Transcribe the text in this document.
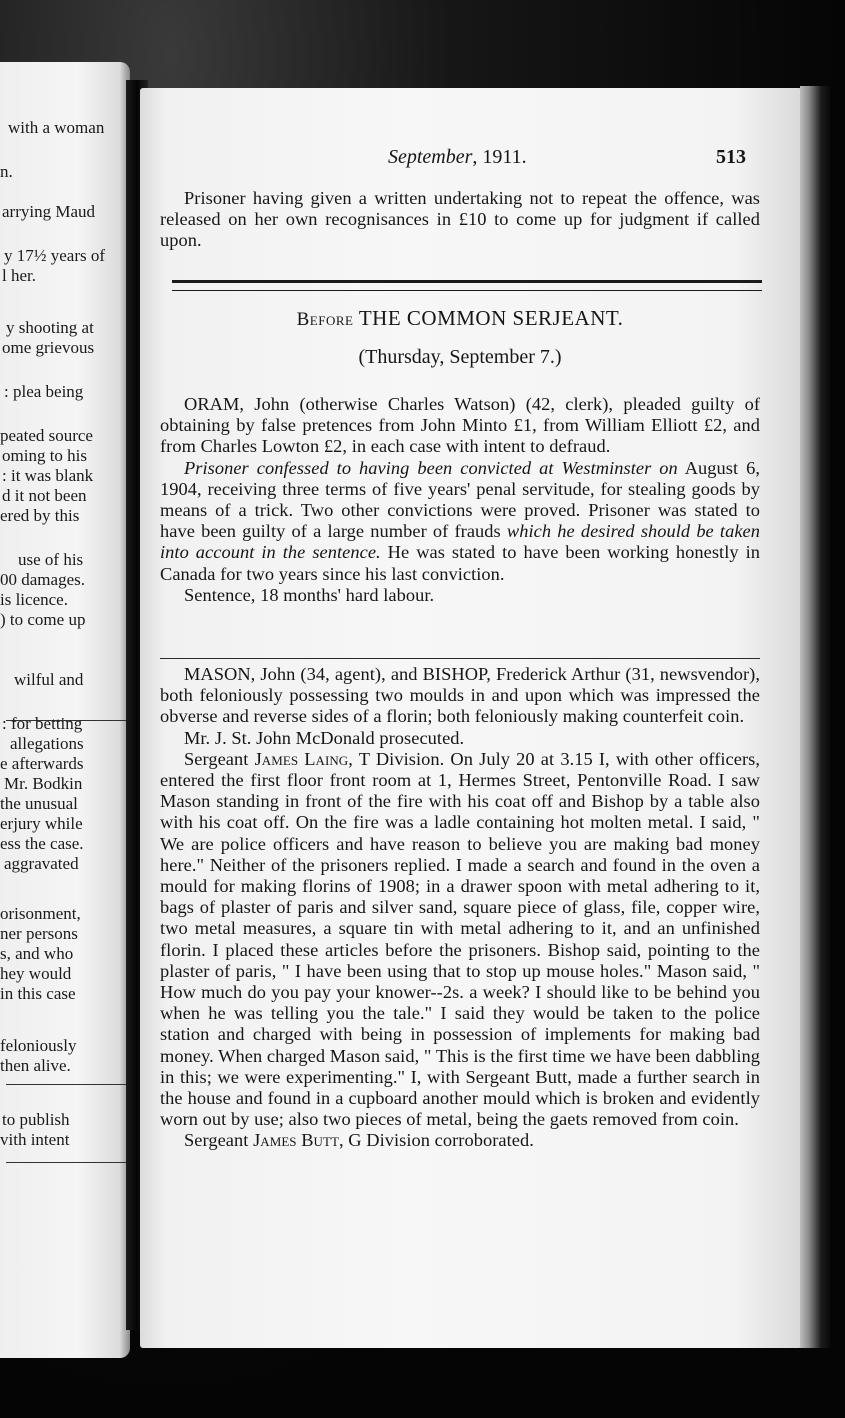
with a woman
n.
arrying Maud
y 17½ years of
l her.
y shooting at
ome grievous
: plea being
peated source
oming to his
: it was blank
d it not been
ered by this
use of his
00 damages.
is licence.
) to come up
wilful and
: for betting
allegations
e afterwards
Mr. Bodkin
the unusual
erjury while
ess the case.
aggravated
orisonment,
ner persons
s, and who
hey would
in this case
feloniously
then alive.
to publish
vith intent
September, 1911.	513

Prisoner having given a written undertaking not to repeat the offence, was released on her own recognisances in £10 to come up for judgment if called upon.

Before THE COMMON SERJEANT.
(Thursday, September 7.)

ORAM, John (otherwise Charles Watson) (42, clerk), pleaded guilty of obtaining by false pretences from John Minto £1, from William Elliott £2, and from Charles Lowton £2, in each case with intent to defraud.

Prisoner confessed to having been convicted at Westminster on August 6, 1904, receiving three terms of five years' penal servitude, for stealing goods by means of a trick. Two other convictions were proved. Prisoner was stated to have been guilty of a large number of frauds which he desired should be taken into account in the sentence. He was stated to have been working honestly in Canada for two years since his last conviction.

Sentence, 18 months' hard labour.

MASON, John (34, agent), and BISHOP, Frederick Arthur (31, newsvendor), both feloniously possessing two moulds in and upon which was impressed the obverse and reverse sides of a florin; both feloniously making counterfeit coin.

Mr. J. St. John McDonald prosecuted.

Sergeant James Laing, T Division. On July 20 at 3.15 I, with other officers, entered the first floor front room at 1, Hermes Street, Pentonville Road. I saw Mason standing in front of the fire with his coat off and Bishop by a table also with his coat off. On the fire was a ladle containing hot molten metal. I said, " We are police officers and have reason to believe you are making bad money here." Neither of the prisoners replied. I made a search and found in the oven a mould for making florins of 1908; in a drawer spoon with metal adhering to it, bags of plaster of paris and silver sand, square piece of glass, file, copper wire, two metal measures, a square tin with metal adhering to it, and an unfinished florin. I placed these articles before the prisoners. Bishop said, pointing to the plaster of paris, " I have been using that to stop up mouse holes." Mason said, " How much do you pay your knower--2s. a week? I should like to be behind you when he was telling you the tale." I said they would be taken to the police station and charged with being in possession of implements for making bad money. When charged Mason said, " This is the first time we have been dabbling in this; we were experimenting." I, with Sergeant Butt, made a further search in the house and found in a cupboard another mould which is broken and evidently worn out by use; also two pieces of metal, being the gaets removed from coin.

Sergeant James Butt, G Division corroborated.
